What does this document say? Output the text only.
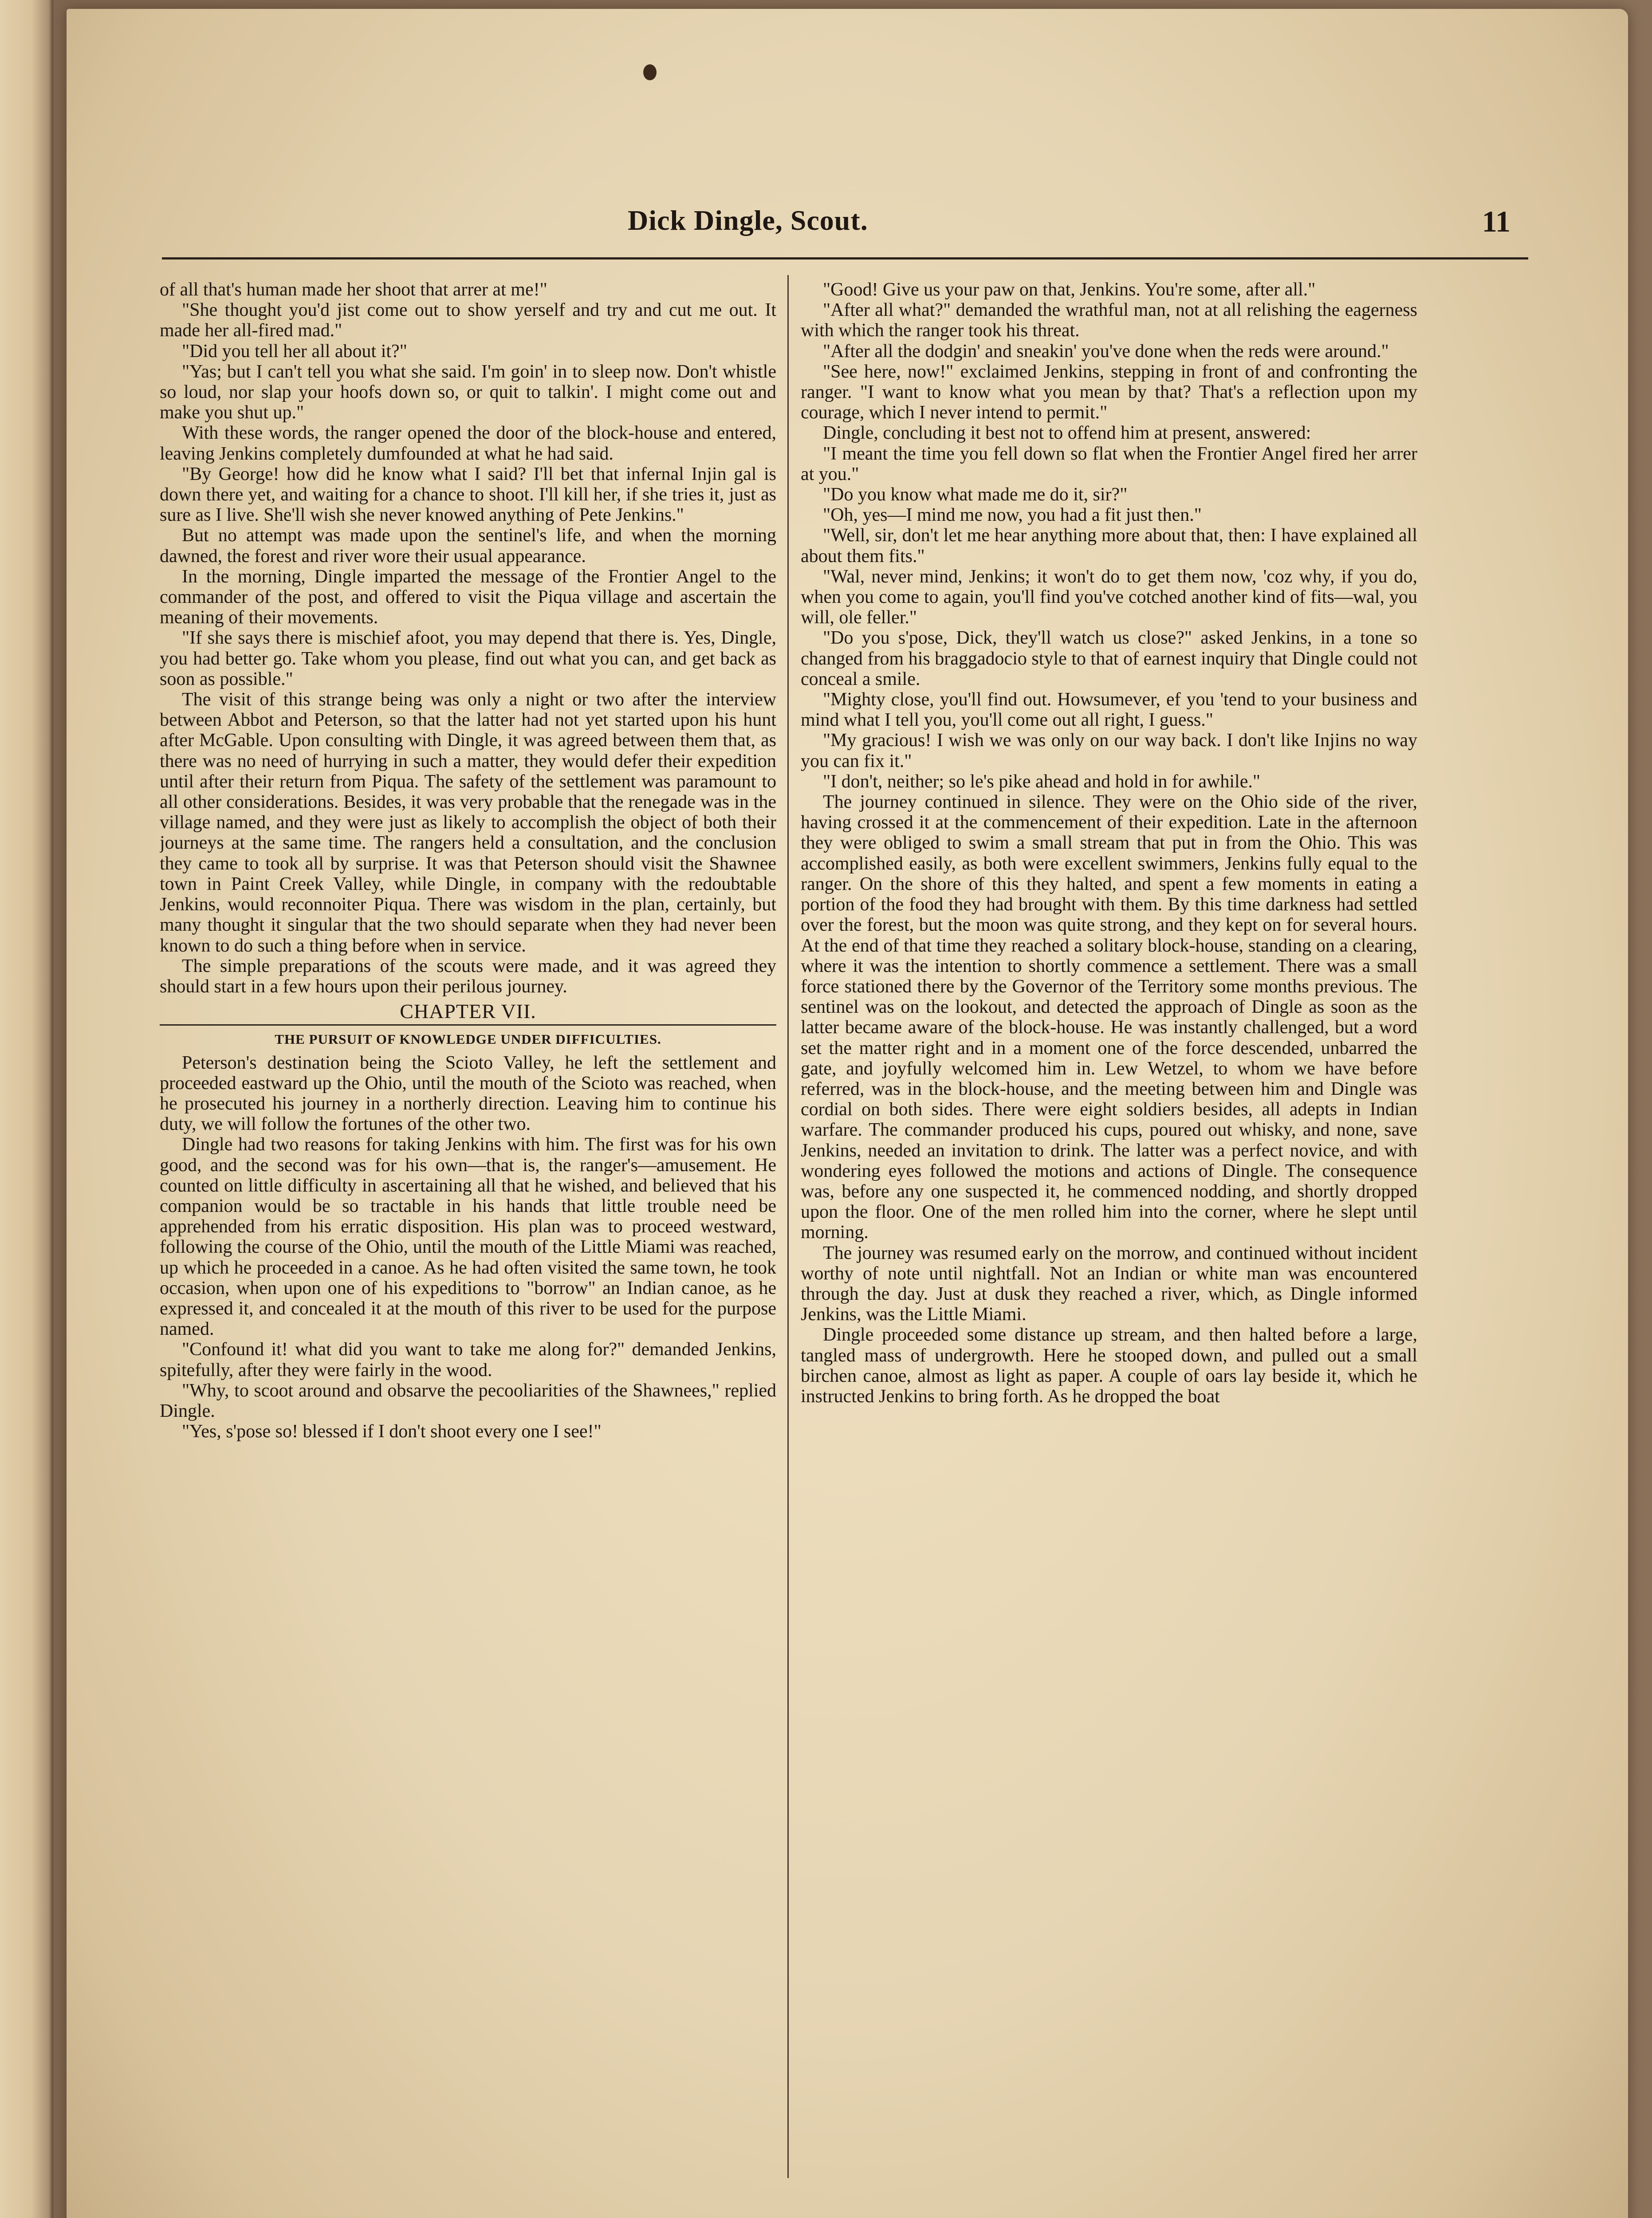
Dick Dingle, Scout.	11

of all that's human made her shoot that arrer at me!"

"She thought you'd jist come out to show yerself and try and cut me out. It made her all-fired mad."

"Did you tell her all about it?"

"Yas; but I can't tell you what she said. I'm goin' in to sleep now. Don't whistle so loud, nor slap your hoofs down so, or quit to talkin'. I might come out and make you shut up."

With these words, the ranger opened the door of the block-house and entered, leaving Jenkins completely dumfounded at what he had said.

"By George! how did he know what I said? I'll bet that infernal Injin gal is down there yet, and waiting for a chance to shoot. I'll kill her, if she tries it, just as sure as I live. She'll wish she never knowed anything of Pete Jenkins."

But no attempt was made upon the sentinel's life, and when the morning dawned, the forest and river wore their usual appearance.

In the morning, Dingle imparted the message of the Frontier Angel to the commander of the post, and offered to visit the Piqua village and ascertain the meaning of their movements.

"If she says there is mischief afoot, you may depend that there is. Yes, Dingle, you had better go. Take whom you please, find out what you can, and get back as soon as possible."

The visit of this strange being was only a night or two after the interview between Abbot and Peterson, so that the latter had not yet started upon his hunt after McGable. Upon consulting with Dingle, it was agreed between them that, as there was no need of hurrying in such a matter, they would defer their expedition until after their return from Piqua. The safety of the settlement was paramount to all other considerations. Besides, it was very probable that the renegade was in the village named, and they were just as likely to accomplish the object of both their journeys at the same time. The rangers held a consultation, and the conclusion they came to took all by surprise. It was that Peterson should visit the Shawnee town in Paint Creek Valley, while Dingle, in company with the redoubtable Jenkins, would reconnoiter Piqua. There was wisdom in the plan, certainly, but many thought it singular that the two should separate when they had never been known to do such a thing before when in service.

The simple preparations of the scouts were made, and it was agreed they should start in a few hours upon their perilous journey.

CHAPTER VII.
THE PURSUIT OF KNOWLEDGE UNDER DIFFICULTIES.

Peterson's destination being the Scioto Valley, he left the settlement and proceeded eastward up the Ohio, until the mouth of the Scioto was reached, when he prosecuted his journey in a northerly direction. Leaving him to continue his duty, we will follow the fortunes of the other two.

Dingle had two reasons for taking Jenkins with him. The first was for his own good, and the second was for his own—that is, the ranger's—amusement. He counted on little difficulty in ascertaining all that he wished, and believed that his companion would be so tractable in his hands that little trouble need be apprehended from his erratic disposition. His plan was to proceed westward, following the course of the Ohio, until the mouth of the Little Miami was reached, up which he proceeded in a canoe. As he had often visited the same town, he took occasion, when upon one of his expeditions to "borrow" an Indian canoe, as he expressed it, and concealed it at the mouth of this river to be used for the purpose named.

"Confound it! what did you want to take me along for?" demanded Jenkins, spitefully, after they were fairly in the wood.

"Why, to scoot around and obsarve the pecooliarities of the Shawnees," replied Dingle.

"Yes, s'pose so! blessed if I don't shoot every one I see!"

"Good! Give us your paw on that, Jenkins. You're some, after all."

"After all what?" demanded the wrathful man, not at all relishing the eagerness with which the ranger took his threat.

"After all the dodgin' and sneakin' you've done when the reds were around."

"See here, now!" exclaimed Jenkins, stepping in front of and confronting the ranger. "I want to know what you mean by that? That's a reflection upon my courage, which I never intend to permit."

Dingle, concluding it best not to offend him at present, answered:

"I meant the time you fell down so flat when the Frontier Angel fired her arrer at you."

"Do you know what made me do it, sir?"

"Oh, yes—I mind me now, you had a fit just then."

"Well, sir, don't let me hear anything more about that, then: I have explained all about them fits."

"Wal, never mind, Jenkins; it won't do to get them now, 'coz why, if you do, when you come to again, you'll find you've cotched another kind of fits—wal, you will, ole feller."

"Do you s'pose, Dick, they'll watch us close?" asked Jenkins, in a tone so changed from his braggadocio style to that of earnest inquiry that Dingle could not conceal a smile.

"Mighty close, you'll find out. Howsumever, ef you 'tend to your business and mind what I tell you, you'll come out all right, I guess."

"My gracious! I wish we was only on our way back. I don't like Injins no way you can fix it."

"I don't, neither; so le's pike ahead and hold in for awhile."

The journey continued in silence. They were on the Ohio side of the river, having crossed it at the commencement of their expedition. Late in the afternoon they were obliged to swim a small stream that put in from the Ohio. This was accomplished easily, as both were excellent swimmers, Jenkins fully equal to the ranger. On the shore of this they halted, and spent a few moments in eating a portion of the food they had brought with them. By this time darkness had settled over the forest, but the moon was quite strong, and they kept on for several hours. At the end of that time they reached a solitary block-house, standing on a clearing, where it was the intention to shortly commence a settlement. There was a small force stationed there by the Governor of the Territory some months previous. The sentinel was on the lookout, and detected the approach of Dingle as soon as the latter became aware of the block-house. He was instantly challenged, but a word set the matter right and in a moment one of the force descended, unbarred the gate, and joyfully welcomed him in. Lew Wetzel, to whom we have before referred, was in the block-house, and the meeting between him and Dingle was cordial on both sides. There were eight soldiers besides, all adepts in Indian warfare. The commander produced his cups, poured out whisky, and none, save Jenkins, needed an invitation to drink. The latter was a perfect novice, and with wondering eyes followed the motions and actions of Dingle. The consequence was, before any one suspected it, he commenced nodding, and shortly dropped upon the floor. One of the men rolled him into the corner, where he slept until morning.

The journey was resumed early on the morrow, and continued without incident worthy of note until nightfall. Not an Indian or white man was encountered through the day. Just at dusk they reached a river, which, as Dingle informed Jenkins, was the Little Miami.

Dingle proceeded some distance up stream, and then halted before a large, tangled mass of undergrowth. Here he stooped down, and pulled out a small birchen canoe, almost as light as paper. A couple of oars lay beside it, which he instructed Jenkins to bring forth. As he dropped the boat
